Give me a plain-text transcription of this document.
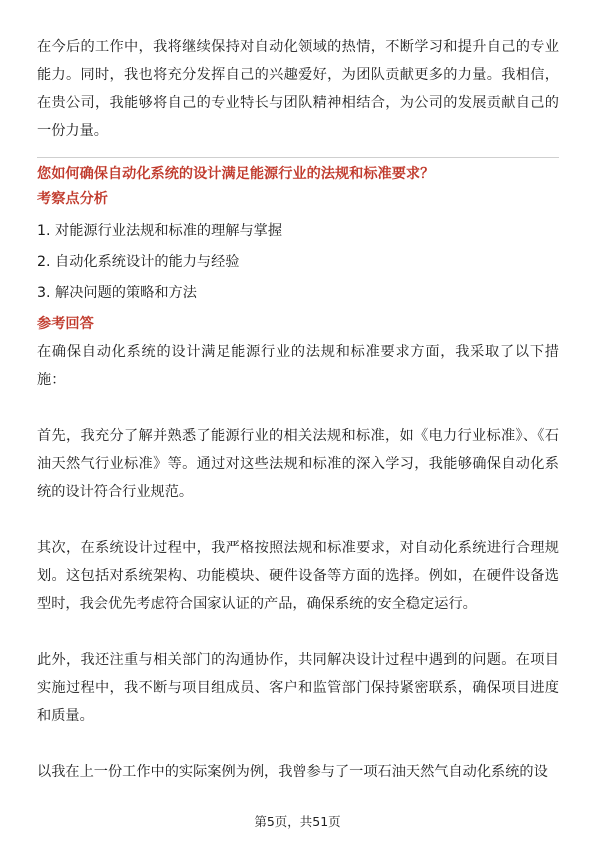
在今后的工作中，我将继续保持对自动化领域的热情，不断学习和提升自己的专业能力。同时，我也将充分发挥自己的兴趣爱好，为团队贡献更多的力量。我相信，在贵公司，我能够将自己的专业特长与团队精神相结合，为公司的发展贡献自己的一份力量。

您如何确保自动化系统的设计满足能源行业的法规和标准要求？

考察点分析

1. 对能源行业法规和标准的理解与掌握

2. 自动化系统设计的能力与经验

3. 解决问题的策略和方法

参考回答

在确保自动化系统的设计满足能源行业的法规和标准要求方面，我采取了以下措施：

首先，我充分了解并熟悉了能源行业的相关法规和标准，如《电力行业标准》、《石油天然气行业标准》等。通过对这些法规和标准的深入学习，我能够确保自动化系统的设计符合行业规范。

其次，在系统设计过程中，我严格按照法规和标准要求，对自动化系统进行合理规划。这包括对系统架构、功能模块、硬件设备等方面的选择。例如，在硬件设备选型时，我会优先考虑符合国家认证的产品，确保系统的安全稳定运行。

此外，我还注重与相关部门的沟通协作，共同解决设计过程中遇到的问题。在项目实施过程中，我不断与项目组成员、客户和监管部门保持紧密联系，确保项目进度和质量。

以我在上一份工作中的实际案例为例，我曾参与了一项石油天然气自动化系统的设

第5页，共51页
